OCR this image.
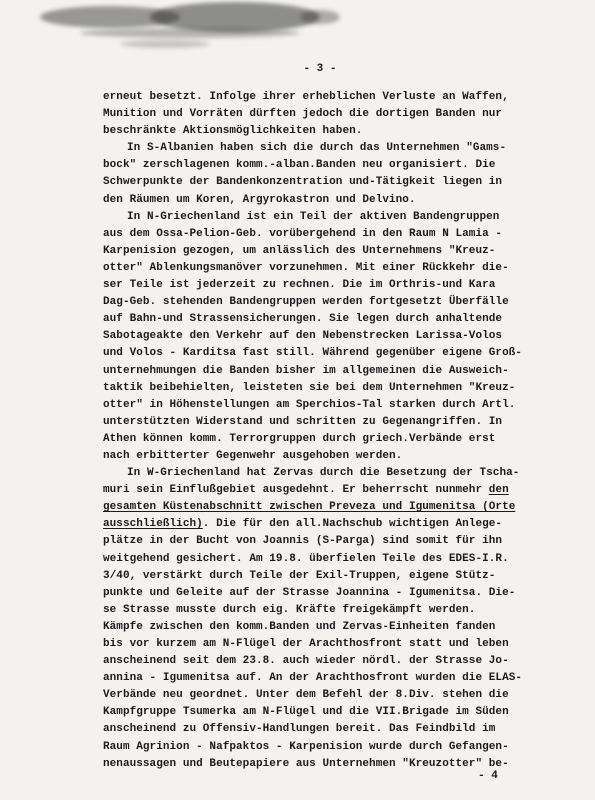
- 3 -
erneut besetzt. Infolge ihrer erheblichen Verluste an Waffen,
Munition und Vorräten dürften jedoch die dortigen Banden nur
beschränkte Aktionsmöglichkeiten haben.
In S-Albanien haben sich die durch das Unternehmen "Gams-
bock" zerschlagenen komm.-alban.Banden neu organisiert. Die
Schwerpunkte der Bandenkonzentration und-Tätigkeit liegen in
den Räumen um Koren, Argyrokastron und Delvino.
In N-Griechenland ist ein Teil der aktiven Bandengruppen
aus dem Ossa-Pelion-Geb. vorübergehend in den Raum N Lamia -
Karpenision gezogen, um anlässlich des Unternehmens "Kreuz-
otter" Ablenkungsmanöver vorzunehmen. Mit einer Rückkehr die-
ser Teile ist jederzeit zu rechnen. Die im Orthris-und Kara
Dag-Geb. stehenden Bandengruppen werden fortgesetzt Überfälle
auf Bahn-und Strassensicherungen. Sie legen durch anhaltende
Sabotageakte den Verkehr auf den Nebenstrecken Larissa-Volos
und Volos - Karditsa fast still. Während gegenüber eigene Groß-
unternehmungen die Banden bisher im allgemeinen die Ausweich-
taktik beibehielten, leisteten sie bei dem Unternehmen "Kreuz-
otter" in Höhenstellungen am Sperchios-Tal starken durch Artl.
unterstützten Widerstand und schritten zu Gegenangriffen. In
Athen können komm. Terrorgruppen durch griech.Verbände erst
nach erbitterter Gegenwehr ausgehoben werden.
In W-Griechenland hat Zervas durch die Besetzung der Tscha-
muri sein Einflußgebiet ausgedehnt. Er beherrscht nunmehr den
gesamten Küstenabschnitt zwischen Preveza und Igumenitsa (Orte
ausschließlich). Die für den all.Nachschub wichtigen Anlege-
plätze in der Bucht von Joannis (S-Parga) sind somit für ihn
weitgehend gesichert. Am 19.8. überfielen Teile des EDES-I.R.
3/40, verstärkt durch Teile der Exil-Truppen, eigene Stütz-
punkte und Geleite auf der Strasse Joannina - Igumenitsa. Die-
se Strasse musste durch eig. Kräfte freigekämpft werden.
Kämpfe zwischen den komm.Banden und Zervas-Einheiten fanden
bis vor kurzem am N-Flügel der Arachthosfront statt und leben
anscheinend seit dem 23.8. auch wieder nördl. der Strasse Jo-
annina - Igumenitsa auf. An der Arachthosfront wurden die ELAS-
Verbände neu geordnet. Unter dem Befehl der 8.Div. stehen die
Kampfgruppe Tsumerka am N-Flügel und die VII.Brigade im Süden
anscheinend zu Offensiv-Handlungen bereit. Das Feindbild im
Raum Agrinion - Nafpaktos - Karpenision wurde durch Gefangen-
nenaussagen und Beutepapiere aus Unternehmen "Kreuzotter" be-
- 4
